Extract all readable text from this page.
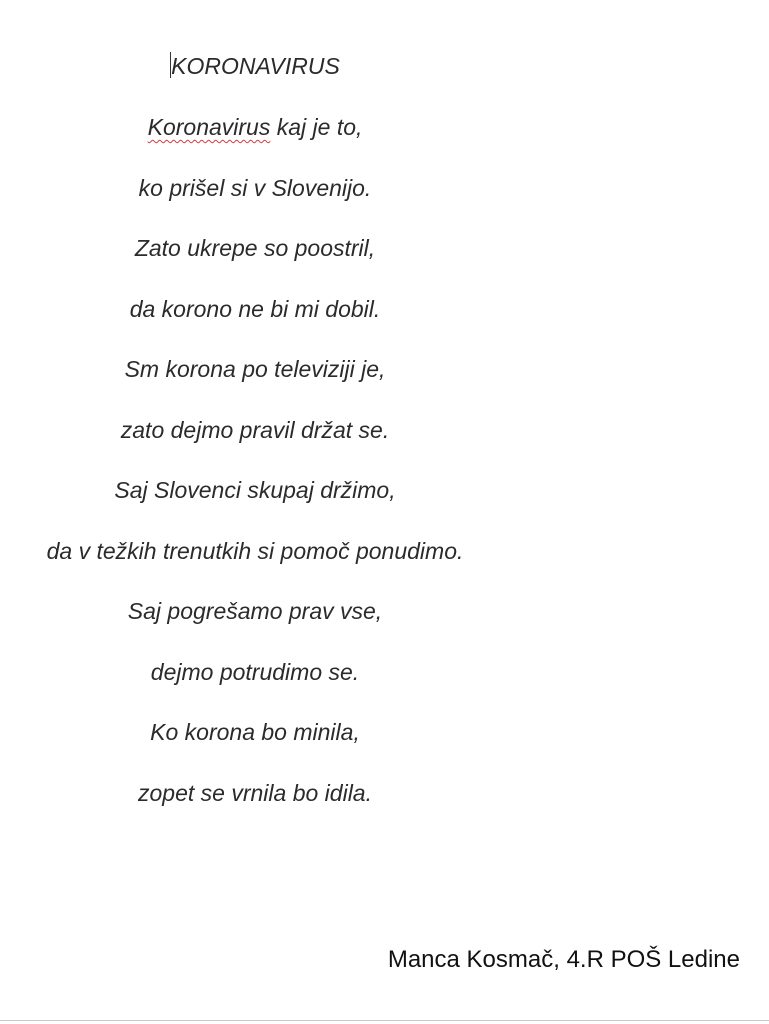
KORONAVIRUS
Koronavirus kaj je to,
ko prišel si v Slovenijo.
Zato ukrepe so poostril,
da korono ne bi mi dobil.
Sm korona po televiziji je,
zato dejmo pravil držat se.
Saj Slovenci skupaj držimo,
da v težkih trenutkih si pomoč ponudimo.
Saj pogrešamo prav vse,
dejmo potrudimo se.
Ko korona bo minila,
zopet se vrnila bo idila.
Manca Kosmač, 4.R POŠ Ledine
